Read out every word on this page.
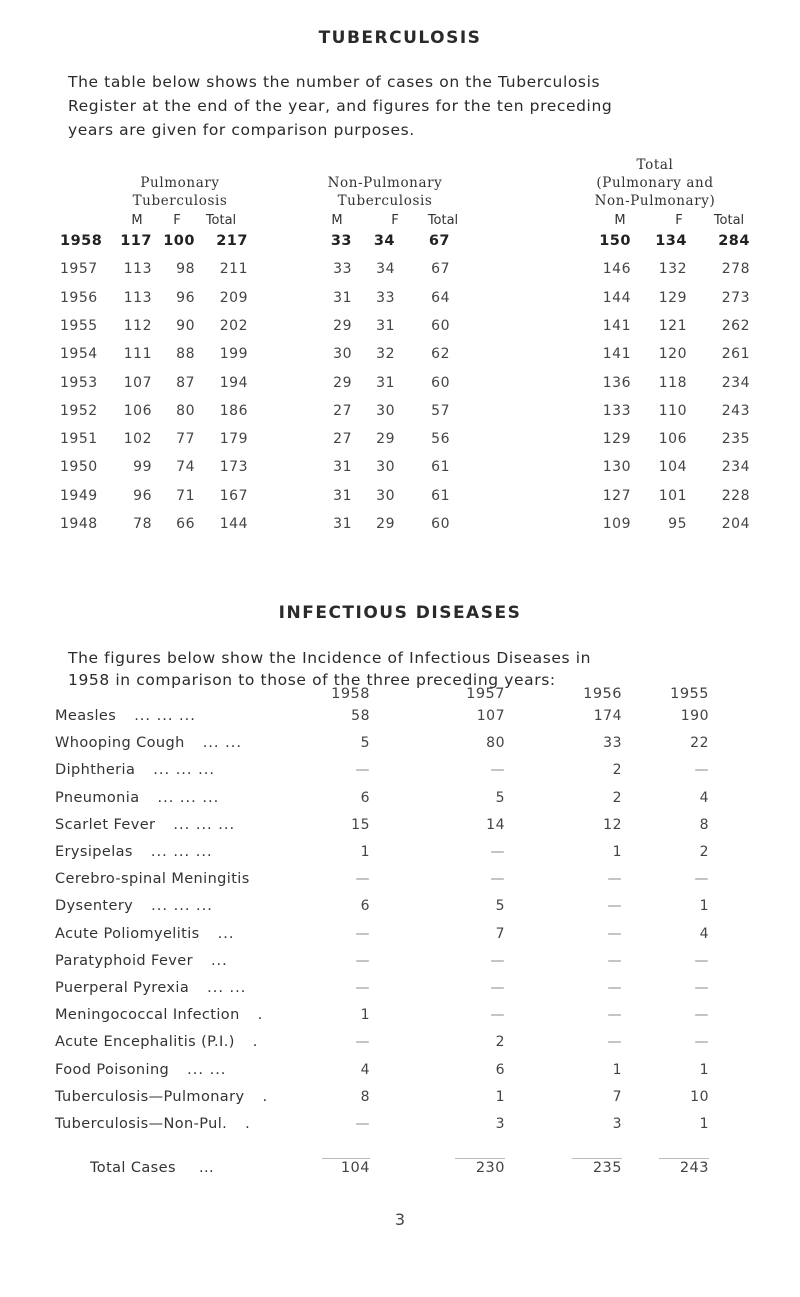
TUBERCULOSIS
The table below shows the number of cases on the Tuberculosis
Register at the end of the year, and figures for the ten preceding
years are given for comparison purposes.
Pulmonary
Tuberculosis
Non-Pulmonary
Tuberculosis
Total
(Pulmonary and
Non-Pulmonary)
M	F	Total	M	F	Total	M	F	Total
1958	117 100	217	33	34	67	150	134	284
1957	113	98	211	33	34	67	146	132	278
1956	113	96	209	31	33	64	144	129	273
1955	112	90	202	29	31	60	141	121	262
1954	111	88	199	30	32	62	141	120	261
1953	107	87	194	29	31	60	136	118	234
1952	106	80	186	27	30	57	133	110	243
1951	102	77	179	27	29	56	129	106	235
1950	99	74	173	31	30	61	130	104	234
1949	96	71	167	31	30	61	127	101	228
1948	78	66	144	31	29	60	109	95	204
INFECTIOUS DISEASES
The figures below show the Incidence of Infectious Diseases in
1958 in comparison to those of the three preceding years:
1958	1957	1956	1955
Measles ... ... ...	58	107	174	190
Whooping Cough ... ...	5	80	33	22
Diphtheria ... ... ...	—	—	2	—
Pneumonia ... ... ...	6	5	2	4
Scarlet Fever ... ... ...	15	14	12	8
Erysipelas ... ... ...	1	—	1	2
Cerebro-spinal Meningitis	—	—	—	—
Dysentery ... ... ...	6	5	—	1
Acute Poliomyelitis ...	—	7	—	4
Paratyphoid Fever ...	—	—	—	—
Puerperal Pyrexia ... ...	—	—	—	—
Meningococcal Infection .	1	—	—	—
Acute Encephalitis (P.I.) .	—	2	—	—
Food Poisoning ... ...	4	6	1	1
Tuberculosis—Pulmonary .	8	1	7	10
Tuberculosis—Non-Pul. .	—	3	3	1
Total Cases ...	104	230	235	243
3
